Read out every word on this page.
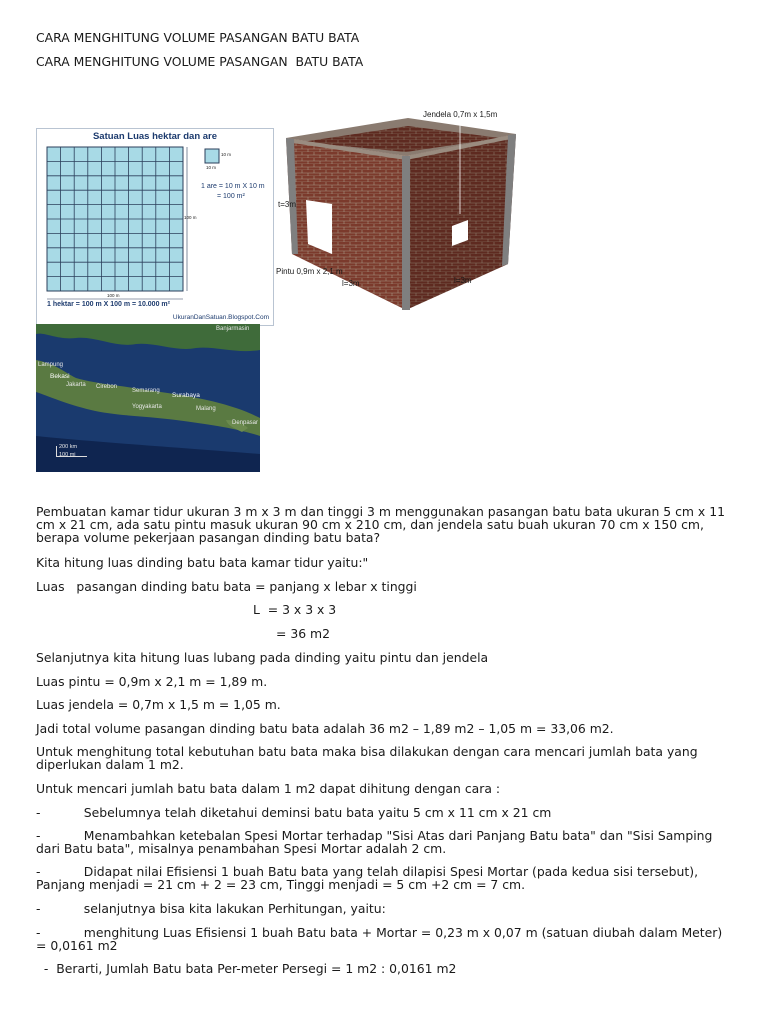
CARA MENGHITUNG VOLUME PASANGAN BATU BATA
CARA MENGHITUNG VOLUME PASANGAN  BATU BATA
Satuan Luas hektar dan are
10 m
10 m
1 are = 10 m X 10 m
= 100 m²
100 m
100 m
1 hektar = 100 m X 100 m = 10.000 m²
UkuranDanSatuan.Blogspot.Com
Banjarmasin
Lampung
Bekasi
Jakarta Cirebon
Semarang
Surabaya
Yogyakarta	Malang
Denpasar
200 km
100 mi
Jendela 0,7m x 1,5m
t=3m
Pintu 0,9m x 2,1 m
l=3m	l=3m
Pembuatan kamar tidur ukuran 3 m x 3 m dan tinggi 3 m menggunakan pasangan batu bata ukuran 5 cm x 11 cm x 21 cm, ada satu pintu masuk ukuran 90 cm x 210 cm, dan jendela satu buah ukuran 70 cm x 150 cm, berapa volume pekerjaan pasangan dinding batu bata?
Kita hitung luas dinding batu bata kamar tidur yaitu:"
Luas   pasangan dinding batu bata = panjang x lebar x tinggi
L  = 3 x 3 x 3
= 36 m2
Selanjutnya kita hitung luas lubang pada dinding yaitu pintu dan jendela
Luas pintu = 0,9m x 2,1 m = 1,89 m.
Luas jendela = 0,7m x 1,5 m = 1,05 m.
Jadi total volume pasangan dinding batu bata adalah 36 m2 – 1,89 m2 – 1,05 m = 33,06 m2.
Untuk menghitung total kebutuhan batu bata maka bisa dilakukan dengan cara mencari jumlah bata yang diperlukan dalam 1 m2.
Untuk mencari jumlah batu bata dalam 1 m2 dapat dihitung dengan cara :
-           Sebelumnya telah diketahui deminsi batu bata yaitu 5 cm x 11 cm x 21 cm
-           Menambahkan ketebalan Spesi Mortar terhadap "Sisi Atas dari Panjang Batu bata" dan "Sisi Samping dari Batu bata", misalnya penambahan Spesi Mortar adalah 2 cm.
-           Didapat nilai Efisiensi 1 buah Batu bata yang telah dilapisi Spesi Mortar (pada kedua sisi tersebut), Panjang menjadi = 21 cm + 2 = 23 cm, Tinggi menjadi = 5 cm +2 cm = 7 cm.
-           selanjutnya bisa kita lakukan Perhitungan, yaitu:
-           menghitung Luas Efisiensi 1 buah Batu bata + Mortar = 0,23 m x 0,07 m (satuan diubah dalam Meter)  = 0,0161 m2
-  Berarti, Jumlah Batu bata Per-meter Persegi = 1 m2 : 0,0161 m2
